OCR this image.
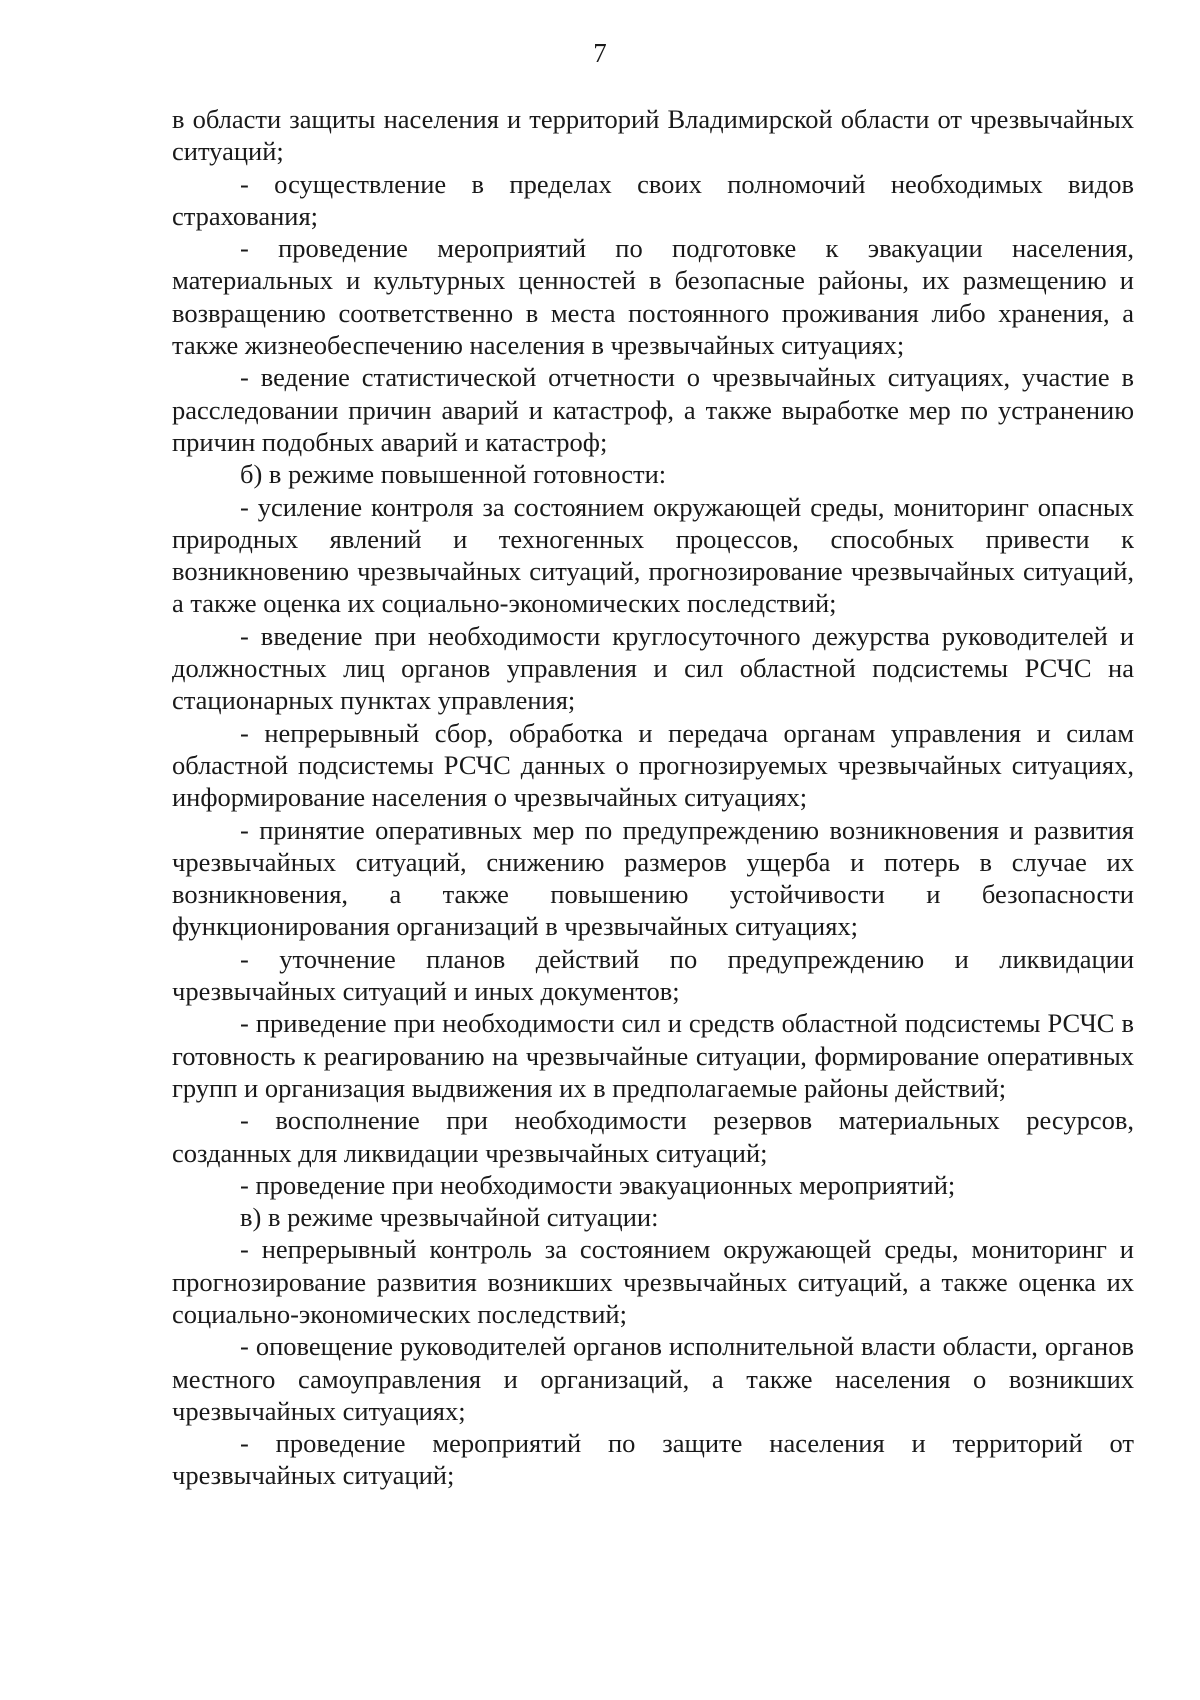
7

в области защиты населения и территорий Владимирской области от чрезвычайных ситуаций;

- осуществление в пределах своих полномочий необходимых видов страхования;

- проведение мероприятий по подготовке к эвакуации населения, материальных и культурных ценностей в безопасные районы, их размещению и возвращению соответственно в места постоянного проживания либо хранения, а также жизнеобеспечению населения в чрезвычайных ситуациях;

- ведение статистической отчетности о чрезвычайных ситуациях, участие в расследовании причин аварий и катастроф, а также выработке мер по устранению причин подобных аварий и катастроф;

б) в режиме повышенной готовности:

- усиление контроля за состоянием окружающей среды, мониторинг опасных природных явлений и техногенных процессов, способных привести к возникновению чрезвычайных ситуаций, прогнозирование чрезвычайных ситуаций, а также оценка их социально-экономических последствий;

- введение при необходимости круглосуточного дежурства руководителей и должностных лиц органов управления и сил областной подсистемы РСЧС на стационарных пунктах управления;

- непрерывный сбор, обработка и передача органам управления и силам областной подсистемы РСЧС данных о прогнозируемых чрезвычайных ситуациях, информирование населения о чрезвычайных ситуациях;

- принятие оперативных мер по предупреждению возникновения и развития чрезвычайных ситуаций, снижению размеров ущерба и потерь в случае их возникновения, а также повышению устойчивости и безопасности функционирования организаций в чрезвычайных ситуациях;

- уточнение планов действий по предупреждению и ликвидации чрезвычайных ситуаций и иных документов;

- приведение при необходимости сил и средств областной подсистемы РСЧС в готовность к реагированию на чрезвычайные ситуации, формирование оперативных групп и организация выдвижения их в предполагаемые районы действий;

- восполнение при необходимости резервов материальных ресурсов, созданных для ликвидации чрезвычайных ситуаций;

- проведение при необходимости эвакуационных мероприятий;

в) в режиме чрезвычайной ситуации:

- непрерывный контроль за состоянием окружающей среды, мониторинг и прогнозирование развития возникших чрезвычайных ситуаций, а также оценка их социально-экономических последствий;

- оповещение руководителей органов исполнительной власти области, органов местного самоуправления и организаций, а также населения о возникших чрезвычайных ситуациях;

- проведение мероприятий по защите населения и территорий от чрезвычайных ситуаций;
